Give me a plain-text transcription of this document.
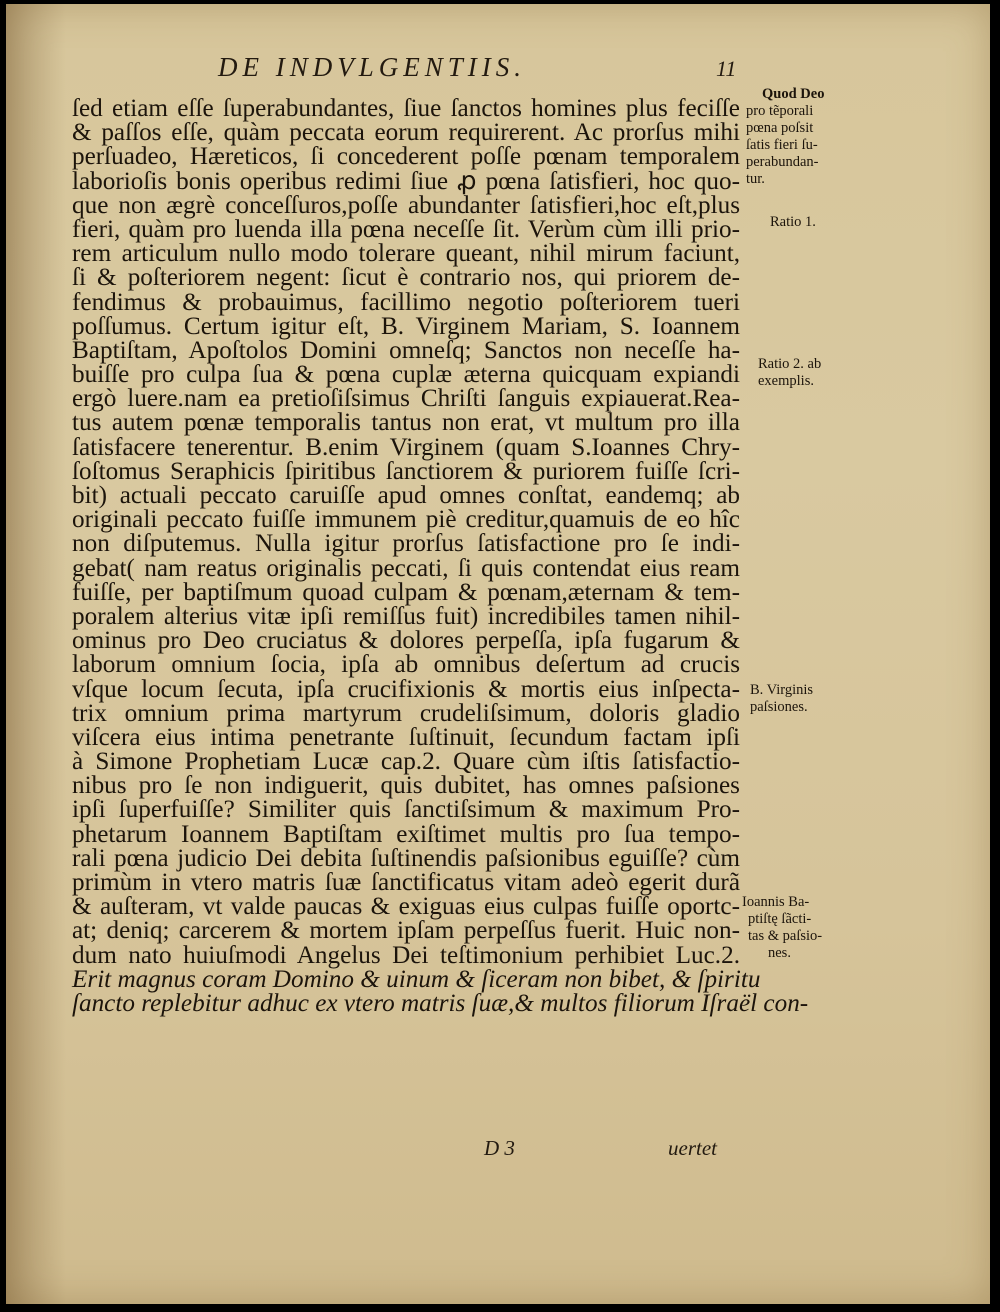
DE INDVLGENTIIS.	11
ſed etiam eſſe ſuperabundantes, ſiue ſanctos homines plus feciſſe
& paſſos eſſe, quàm peccata eorum requirerent. Ac prorſus mihi
perſuadeo, Hæreticos, ſi concederent poſſe pœnam temporalem
laborioſis bonis operibus redimi ſiue ꝓ pœna ſatisfieri, hoc quo-
que non ægrè conceſſuros,poſſe abundanter ſatisfieri,hoc eſt,plus
fieri, quàm pro luenda illa pœna neceſſe ſit. Verùm cùm illi prio-
rem articulum nullo modo tolerare queant, nihil mirum faciunt,
ſi & poſteriorem negent: ſicut è contrario nos, qui priorem de-
fendimus & probauimus, facillimo negotio poſteriorem tueri
poſſumus. Certum igitur eſt, B. Virginem Mariam, S. Ioannem
Baptiſtam, Apoſtolos Domini omneſq; Sanctos non neceſſe ha-
buiſſe pro culpa ſua & pœna cuplæ æterna quicquam expiandi
ergò luere.nam ea pretioſiſsimus Chriſti ſanguis expiauerat.Rea-
tus autem pœnæ temporalis tantus non erat, vt multum pro illa
ſatisfacere tenerentur. B.enim Virginem (quam S.Ioannes Chry-
ſoſtomus Seraphicis ſpiritibus ſanctiorem & puriorem fuiſſe ſcri-
bit) actuali peccato caruiſſe apud omnes conſtat, eandemq; ab
originali peccato fuiſſe immunem piè creditur,quamuis de eo hîc
non diſputemus. Nulla igitur prorſus ſatisfactione pro ſe indi-
gebat( nam reatus originalis peccati, ſi quis contendat eius ream
fuiſſe, per baptiſmum quoad culpam & pœnam,æternam & tem-
poralem alterius vitæ ipſi remiſſus fuit) incredibiles tamen nihil-
ominus pro Deo cruciatus & dolores perpeſſa, ipſa fugarum &
laborum omnium ſocia, ipſa ab omnibus deſertum ad crucis
vſque locum ſecuta, ipſa crucifixionis & mortis eius inſpecta-
trix omnium prima martyrum crudeliſsimum, doloris gladio
viſcera eius intima penetrante ſuſtinuit, ſecundum factam ipſi
à Simone Prophetiam Lucæ cap.2. Quare cùm iſtis ſatisfactio-
nibus pro ſe non indiguerit, quis dubitet, has omnes paſsiones
ipſi ſuperfuiſſe? Similiter quis ſanctiſsimum & maximum Pro-
phetarum Ioannem Baptiſtam exiſtimet multis pro ſua tempo-
rali pœna judicio Dei debita ſuſtinendis paſsionibus eguiſſe? cùm
primùm in vtero matris ſuæ ſanctificatus vitam adeò egerit durã
& auſteram, vt valde paucas & exiguas eius culpas fuiſſe oportc-
at; deniq; carcerem & mortem ipſam perpeſſus fuerit. Huic non-
dum nato huiuſmodi Angelus Dei teſtimonium perhibiet Luc.2.
Erit magnus coram Domino & uinum & ſiceram non bibet, & ſpiritu
ſancto replebitur adhuc ex vtero matris ſuæ,& multos filiorum Iſraël con-
Quod Deo
pro tẽporali
pœna poſsit
ſatis fieri ſu-
perabundan-
tur.
Ratio 1.
Ratio 2. ab
exemplis.
B. Virginis
paſsiones.
Ioannis Ba-
ptiſtę ſãcti-
tas & paſsio-
nes.
D 3	uertet
